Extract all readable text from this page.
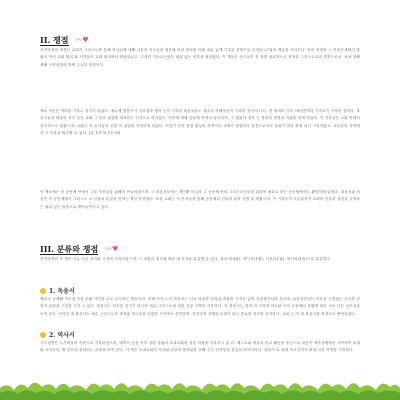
II. 쟁점 〰♥
신약성경의 정경은 교회가 그리스도를 통해 하나님께 대해 나름을 지도들의 권증에 따라 형성된 이래 권위 있게 기록된 문헌으로 인정된 27권의 책들을 가리킨다. 이런 정경의 그 목록은 4세기 말엽의 여러 교회 회의 와 저자들의 교회 회의에서 확정되었고, 고대의 기독교인들은 권위 있는 목록을 정하였다. 이 책들은 사도들이 진 정을 권위적으로 표현한 그리스도교의 경전으로서, 처치 전해 예배 구약성경에 함께 주요한 정경이다.
예수 자신은 어떠한 기록도 남기지 않았다. 예수께 말씀이시 가르침과 행적 등이 기록된 복음서들도 예수의 지혜자들이 기록한 것이 아니다. 현 세대의 거의 70년쯤부터 기록되기 시작한 것이다. 복음서들과 바울의 서신 들은 교회 그 안의 권위를 대표하는 인식으로 여겨졌다. 이후에 예배 공동체 안에서 낭독되며, 그 권위가 점차 인 정되어 정경의 지위를 얻게 되었다. 이 기록들은 교회 안에서 지속적으로 읽혔으며, 교회는 이 문서들의 신앙 적 권위를 인정하게 되었다. 이것이 신약 정경 형성의 과정이다. 2세기 중엽부터 정경으로서의 권위가 점차 확립 되기 시작하였고, 교부들의 저작에서 그 인용을 확인할 수 있다. (갈 1:5 외 15-18)
이 책들에는 한 공동체 안에서 그들 자신들을 위해서 만들어졌으며, 그 복음서들에는 개인뿐 아니라 그 공동체 안의 그리스도인들을 위하여 필요로 하는 공동체에서도 활발하게 읽혔다. 복음서와 서신은 각 공동체에서 그리스도 교 신앙의 본질을 전하는 핵심 문서였다. 또한 교회는 이 문서들을 통해 공동체의 신앙과 삶의 규범 을 세웠으며, 이 기록들이 오늘날까지 교회의 신앙과 실천을 규정하는 권위 있는 말씀으로 받아들여지고 있다.
III. 분류와 쟁점 〰♥
신약성경의 각 책은 서로 다른 저자와 시대에 기록되었으며, 그 내용과 형식에 따라 네 가지로 분류할 수 있다. 복음서(4권), 역사서(1권), 서신(21권), 묵시록(1권)으로 분류된다.
1. 독송서
예수의 공생활·가르침·죽음·부활 사건을 주로 보도하는 책들이다. 마태·마가·누가 복음서는 서로 비슷한 관점과 내용을 가지고 있어 공관복음서라 부르며, 요한복음서는 이들과 구별되는 독특한 신학적 관점과 구성을 가지 고 있다. 복음서는 단순한 전기가 아니라 예수 그리스도에 대한 신앙 고백의 기록이다. 각 복음서는 저자 의 신학적 의도와 독자 공동체의 상황에 따라 서로 다른 강조점을 보여 준다. 이러한 네 복음서는 예수 그리스도의 생애와 가르침을 다양한 시각에서 증언하며, 신약성경 전체의 토대가 되는 중요한 자리를 차지한다. 교회 는 이 네 복음서를 정경으로 받아들였다.
2. 역사서
사도행전은 누가복음의 속편으로 기록되었으며, 예수의 승천 이후 성령 강림과 초대교회의 성장 과정을 기록하고 있 다. 베드로와 바울의 선교 활동을 중심으로 복음이 예루살렘에서 시작하여 유대와 사마리아, 땅 끝까지 전파되는 과정을 보여 준다. 이 책은 초대교회의 역사와 선교의 발자취를 전해 주는 신약성경 유일의 역사서이다. 복음이 로 마에 이르기까지 퍼져 나간 여정을 기록한다.
